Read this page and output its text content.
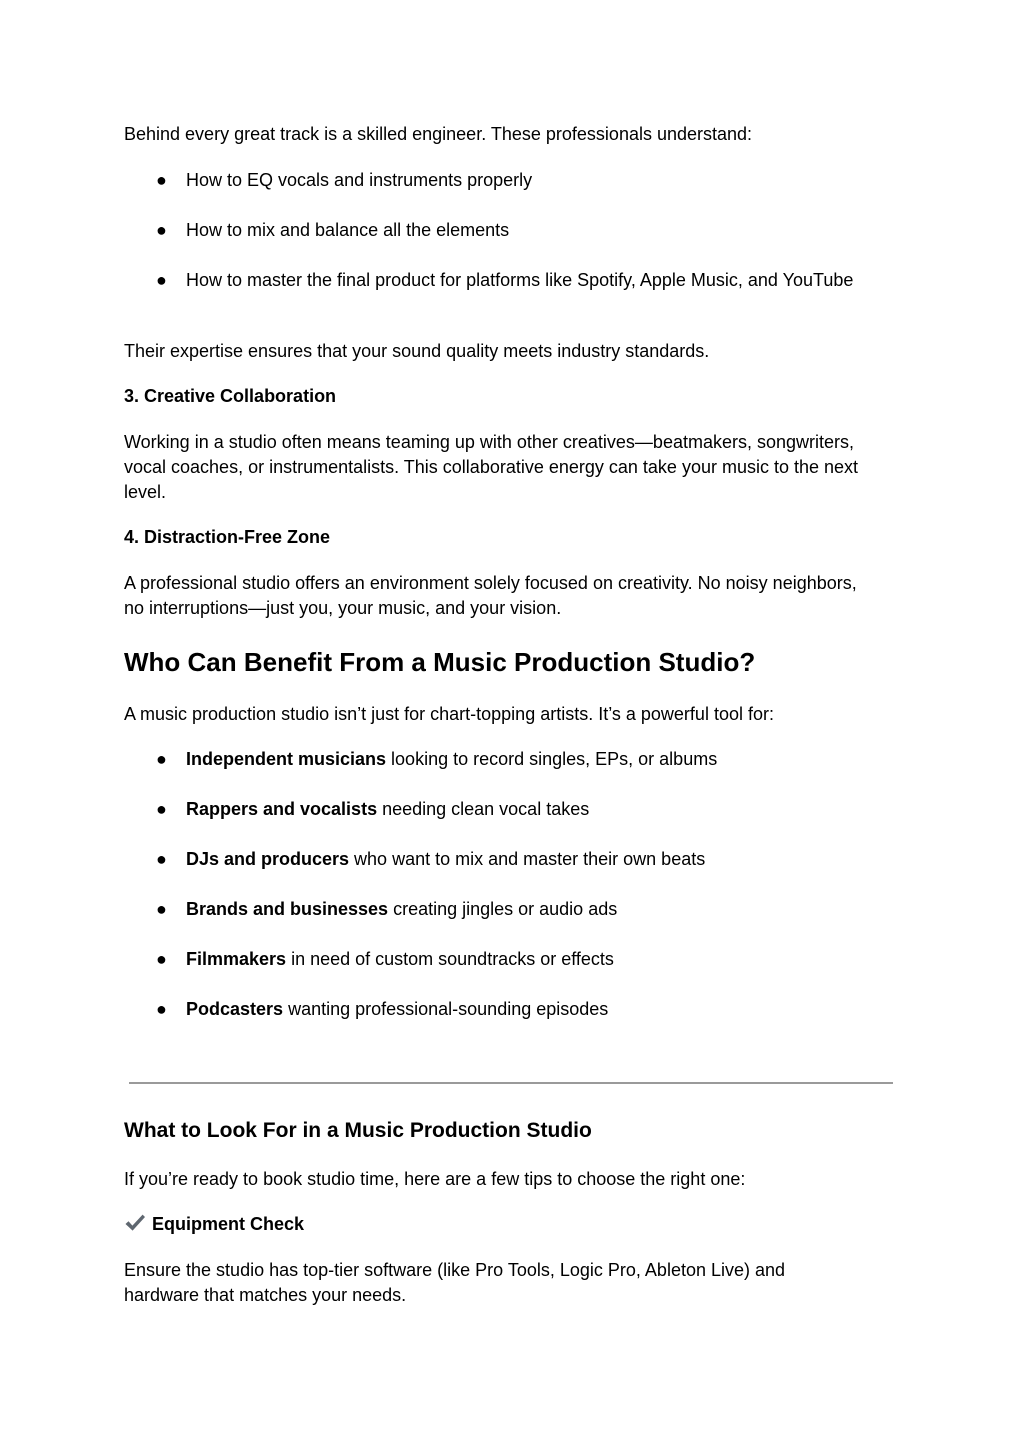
Behind every great track is a skilled engineer. These professionals understand:

● How to EQ vocals and instruments properly
● How to mix and balance all the elements
● How to master the final product for platforms like Spotify, Apple Music, and YouTube

Their expertise ensures that your sound quality meets industry standards.

3. Creative Collaboration

Working in a studio often means teaming up with other creatives—beatmakers, songwriters,
vocal coaches, or instrumentalists. This collaborative energy can take your music to the next
level.

4. Distraction-Free Zone

A professional studio offers an environment solely focused on creativity. No noisy neighbors,
no interruptions—just you, your music, and your vision.
Who Can Benefit From a Music Production Studio?

A music production studio isn’t just for chart-topping artists. It’s a powerful tool for:

● Independent musicians looking to record singles, EPs, or albums
● Rappers and vocalists needing clean vocal takes
● DJs and producers who want to mix and master their own beats
● Brands and businesses creating jingles or audio ads
● Filmmakers in need of custom soundtracks or effects
● Podcasters wanting professional-sounding episodes
What to Look For in a Music Production Studio

If you’re ready to book studio time, here are a few tips to choose the right one:

Equipment Check

Ensure the studio has top-tier software (like Pro Tools, Logic Pro, Ableton Live) and
hardware that matches your needs.
